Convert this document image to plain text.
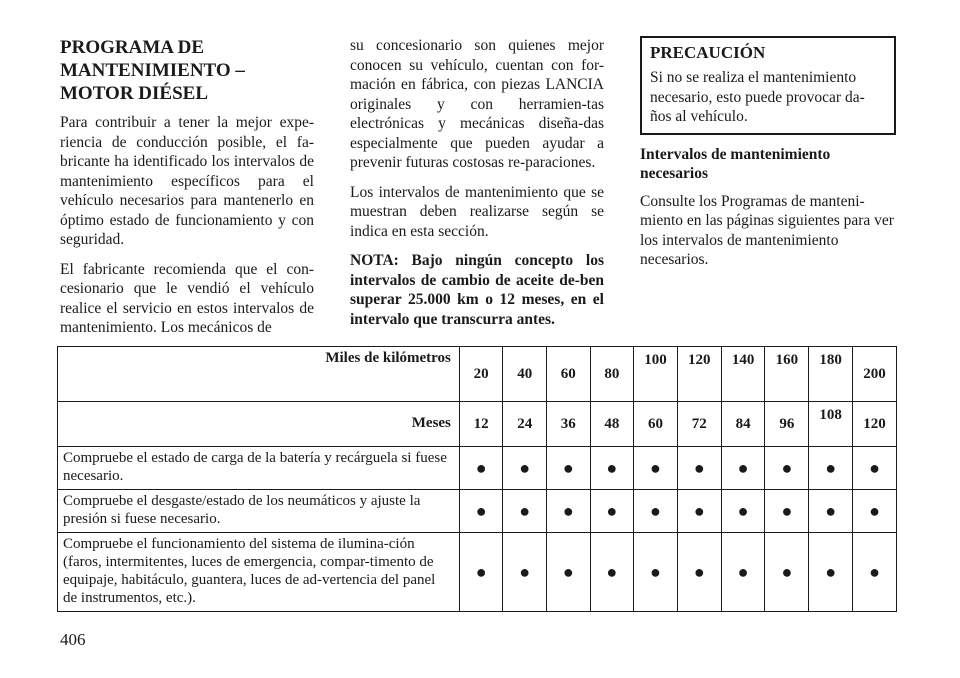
PROGRAMA DE
MANTENIMIENTO –
MOTOR DIÉSEL

Para contribuir a tener la mejor expe-riencia de conducción posible, el fa-bricante ha identificado los intervalos de mantenimiento específicos para el vehículo necesarios para mantenerlo en óptimo estado de funcionamiento y con seguridad.

El fabricante recomienda que el con-cesionario que le vendió el vehículo realice el servicio en estos intervalos de mantenimiento. Los mecánicos de

su concesionario son quienes mejor conocen su vehículo, cuentan con for-mación en fábrica, con piezas LANCIA originales y con herramien-tas electrónicas y mecánicas diseña-das especialmente que pueden ayudar a prevenir futuras costosas re-paraciones.

Los intervalos de mantenimiento que se muestran deben realizarse según se indica en esta sección.

NOTA: Bajo ningún concepto los intervalos de cambio de aceite de-ben superar 25.000 km o 12 meses, en el intervalo que transcurra antes.

PRECAUCIÓN

Si no se realiza el mantenimiento necesario, esto puede provocar da-ños al vehículo.

Intervalos de mantenimiento necesarios

Consulte los Programas de manteni-miento en las páginas siguientes para ver los intervalos de mantenimiento necesarios.

Miles de kilómetros	20	40	60	80	100	120	140	160	180	200
Meses	12	24	36	48	60	72	84	96	108	120
Compruebe el estado de carga de la batería y recárguela si fuese necesario.	●	●	●	●	●	●	●	●	●	●
Compruebe el desgaste/estado de los neumáticos y ajuste la presión si fuese necesario.	●	●	●	●	●	●	●	●	●	●
Compruebe el funcionamiento del sistema de ilumina-ción (faros, intermitentes, luces de emergencia, compar-timento de equipaje, habitáculo, guantera, luces de ad-vertencia del panel de instrumentos, etc.).	●	●	●	●	●	●	●	●	●	●
406
